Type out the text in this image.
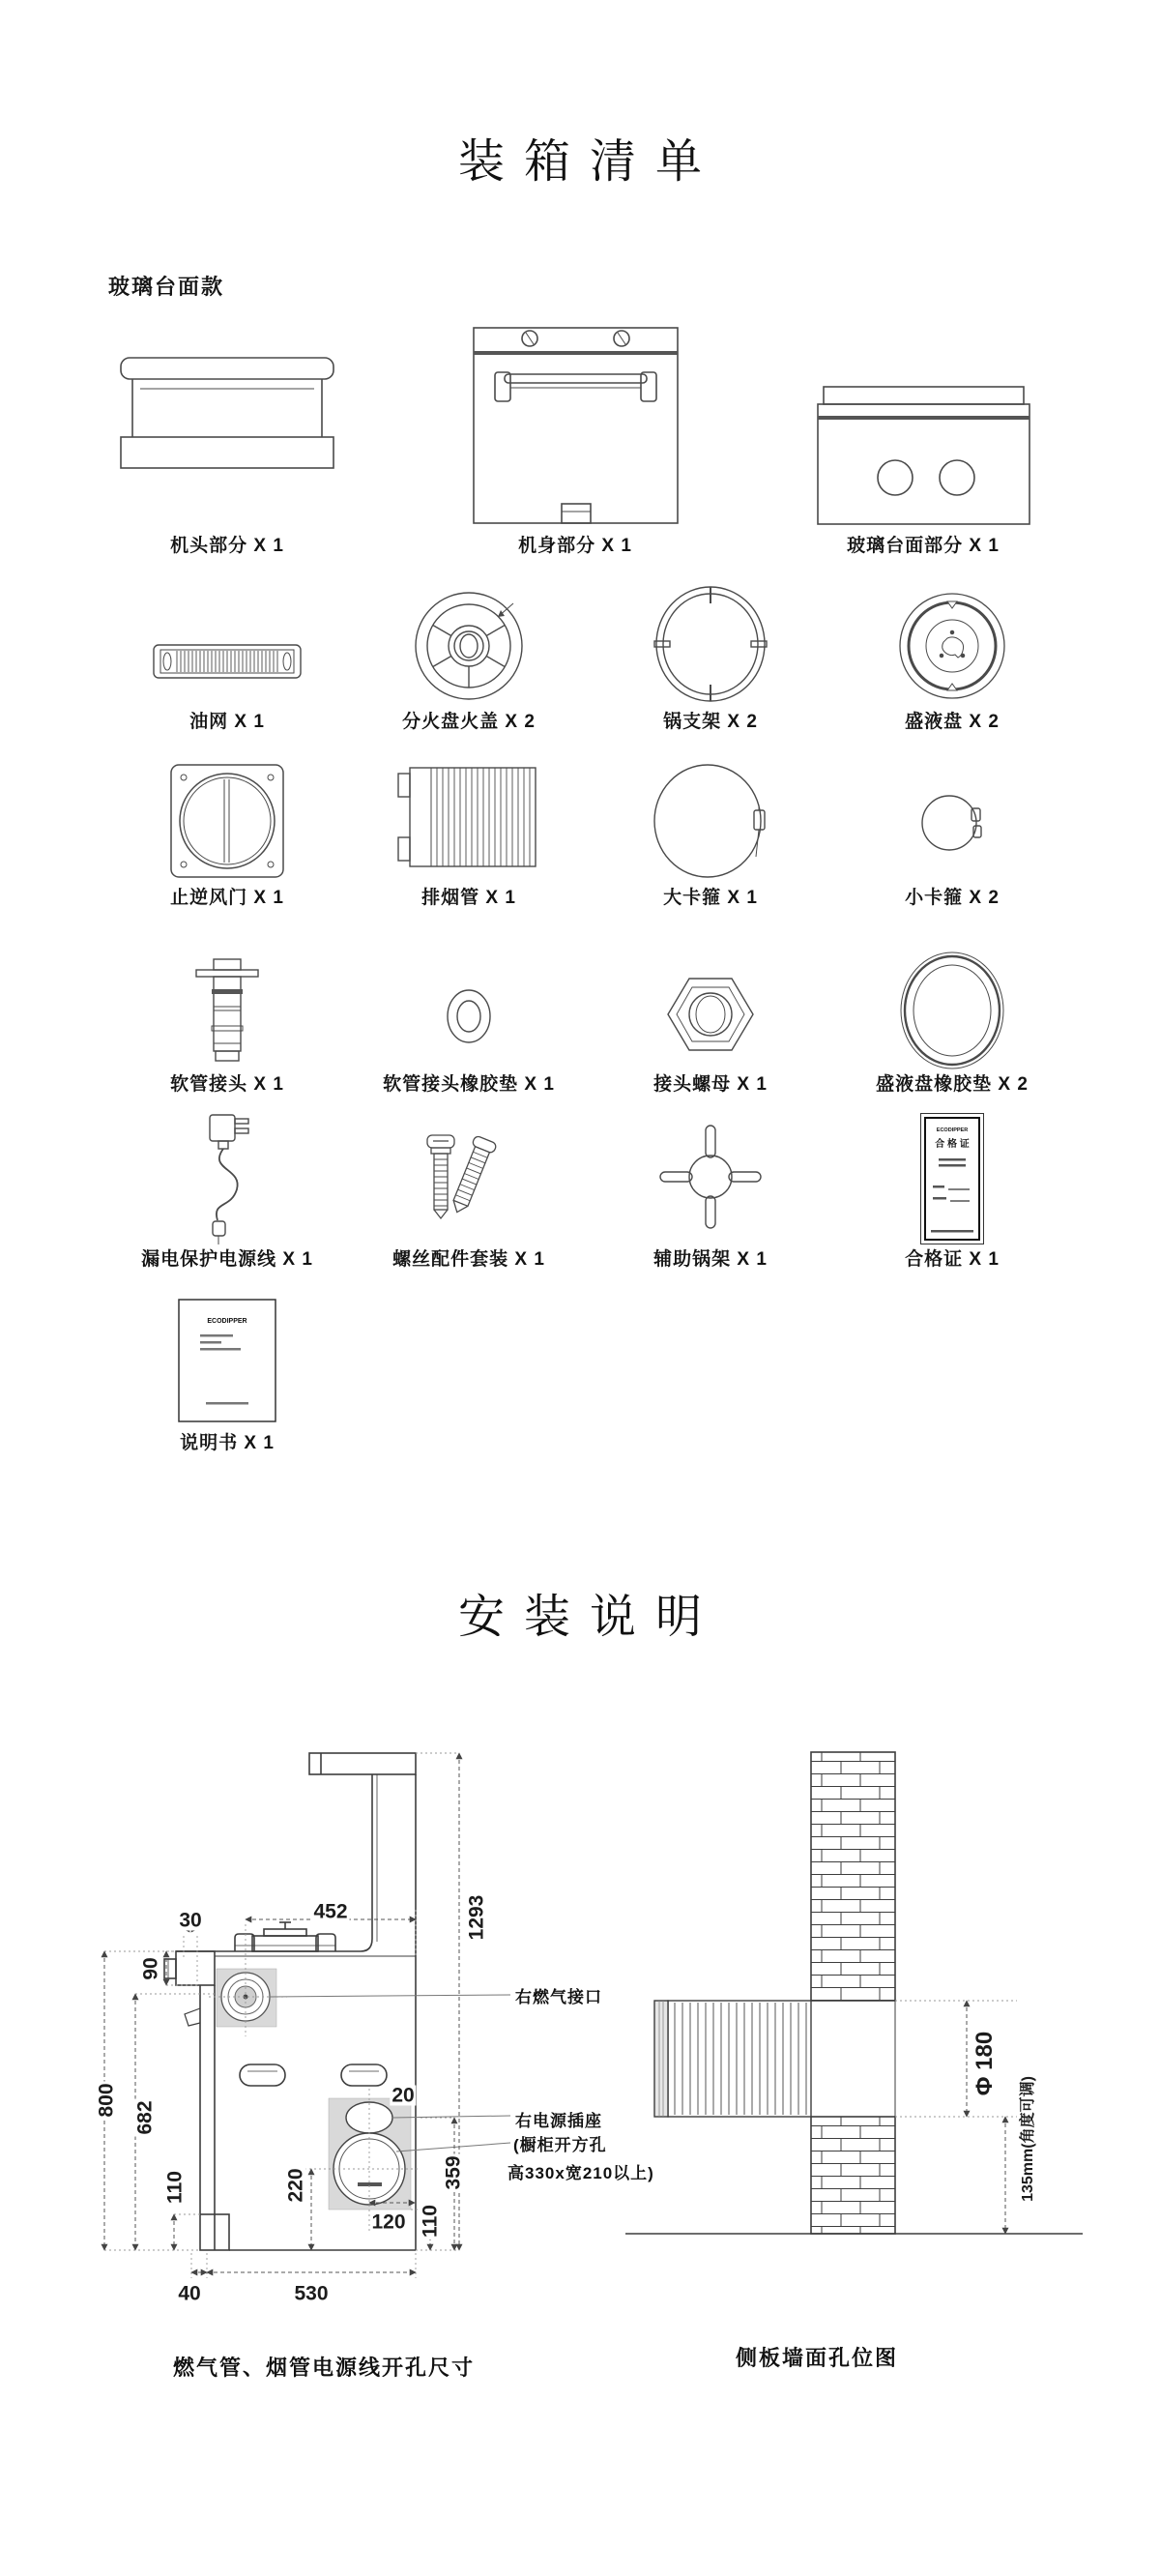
装箱清单
玻璃台面款
机头部分 X 1	机身部分 X 1	玻璃台面部分 X 1
油网 X 1	分火盘火盖 X 2	锅支架 X 2	盛液盘 X 2
止逆风门 X 1	排烟管 X 1	大卡箍 X 1	小卡箍 X 2
软管接头 X 1	软管接头橡胶垫 X 1	接头螺母 X 1	盛液盘橡胶垫 X 2
漏电保护电源线 X 1	螺丝配件套装 X 1	辅助锅架 X 1
ECODIPPER
合 格 证
合格证 X 1
ECODIPPER
说明书 X 1
安装说明
30	452
90
1293
800
682
110
20
359
110
220
120
530
40
右燃气接口
右电源插座
(橱柜开方孔
高330x宽210以上)
Φ 180
135mm(角度可调)
燃气管、烟管电源线开孔尺寸	侧板墙面孔位图
